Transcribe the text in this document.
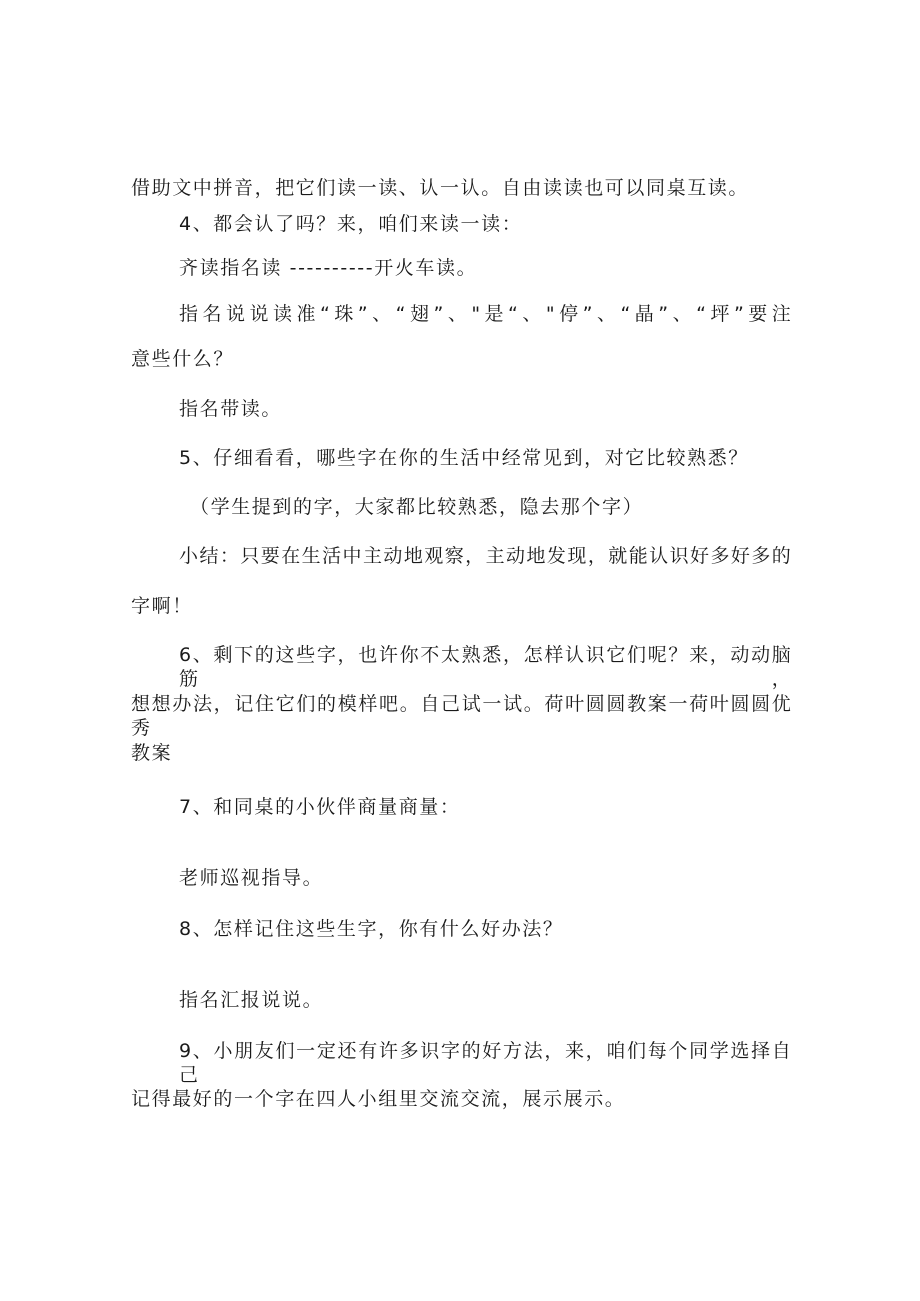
借助文中拼音，把它们读一读、认一认。自由读读也可以同桌互读。
4、都会认了吗？来，咱们来读一读：
齐读指名读 ----------开火车读。
指名说说读准“珠”、“翅”、"是“、"停”、“晶”、“坪”要注
意些什么？
指名带读。
5、仔细看看，哪些字在你的生活中经常见到，对它比较熟悉？
（学生提到的字，大家都比较熟悉，隐去那个字）
小结：只要在生活中主动地观察，主动地发现，就能认识好多好多的
字啊！
6、剩下的这些字，也许你不太熟悉，怎样认识它们呢？来，动动脑筋，
想想办法，记住它们的模样吧。自己试一试。荷叶圆圆教案一荷叶圆圆优秀
教案
7、和同桌的小伙伴商量商量：
老师巡视指导。
8、怎样记住这些生字，你有什么好办法？
指名汇报说说。
9、小朋友们一定还有许多识字的好方法，来，咱们每个同学选择自己
记得最好的一个字在四人小组里交流交流，展示展示。
